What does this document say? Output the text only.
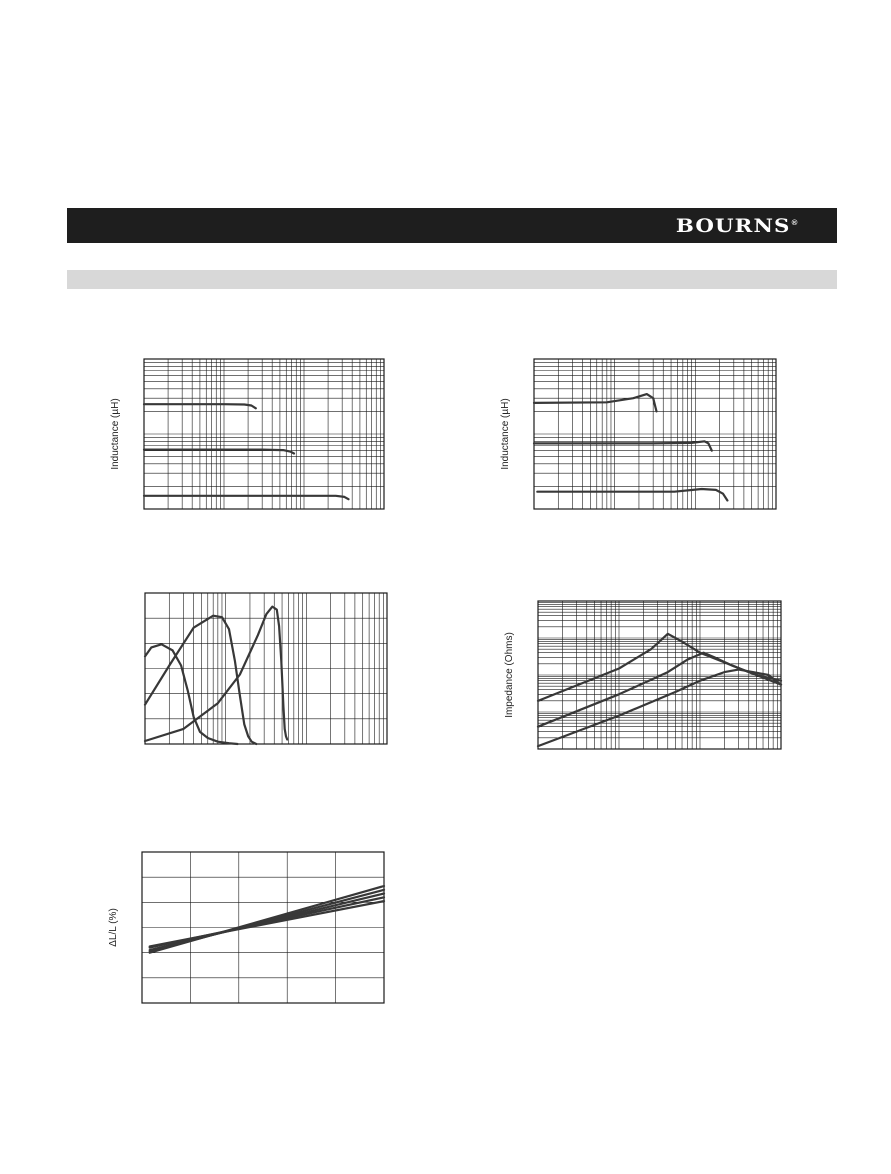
BOURNS®
Inductance (µH)	Inductance (µH)
Impedance (Ohms)
ΔL/L (%)
